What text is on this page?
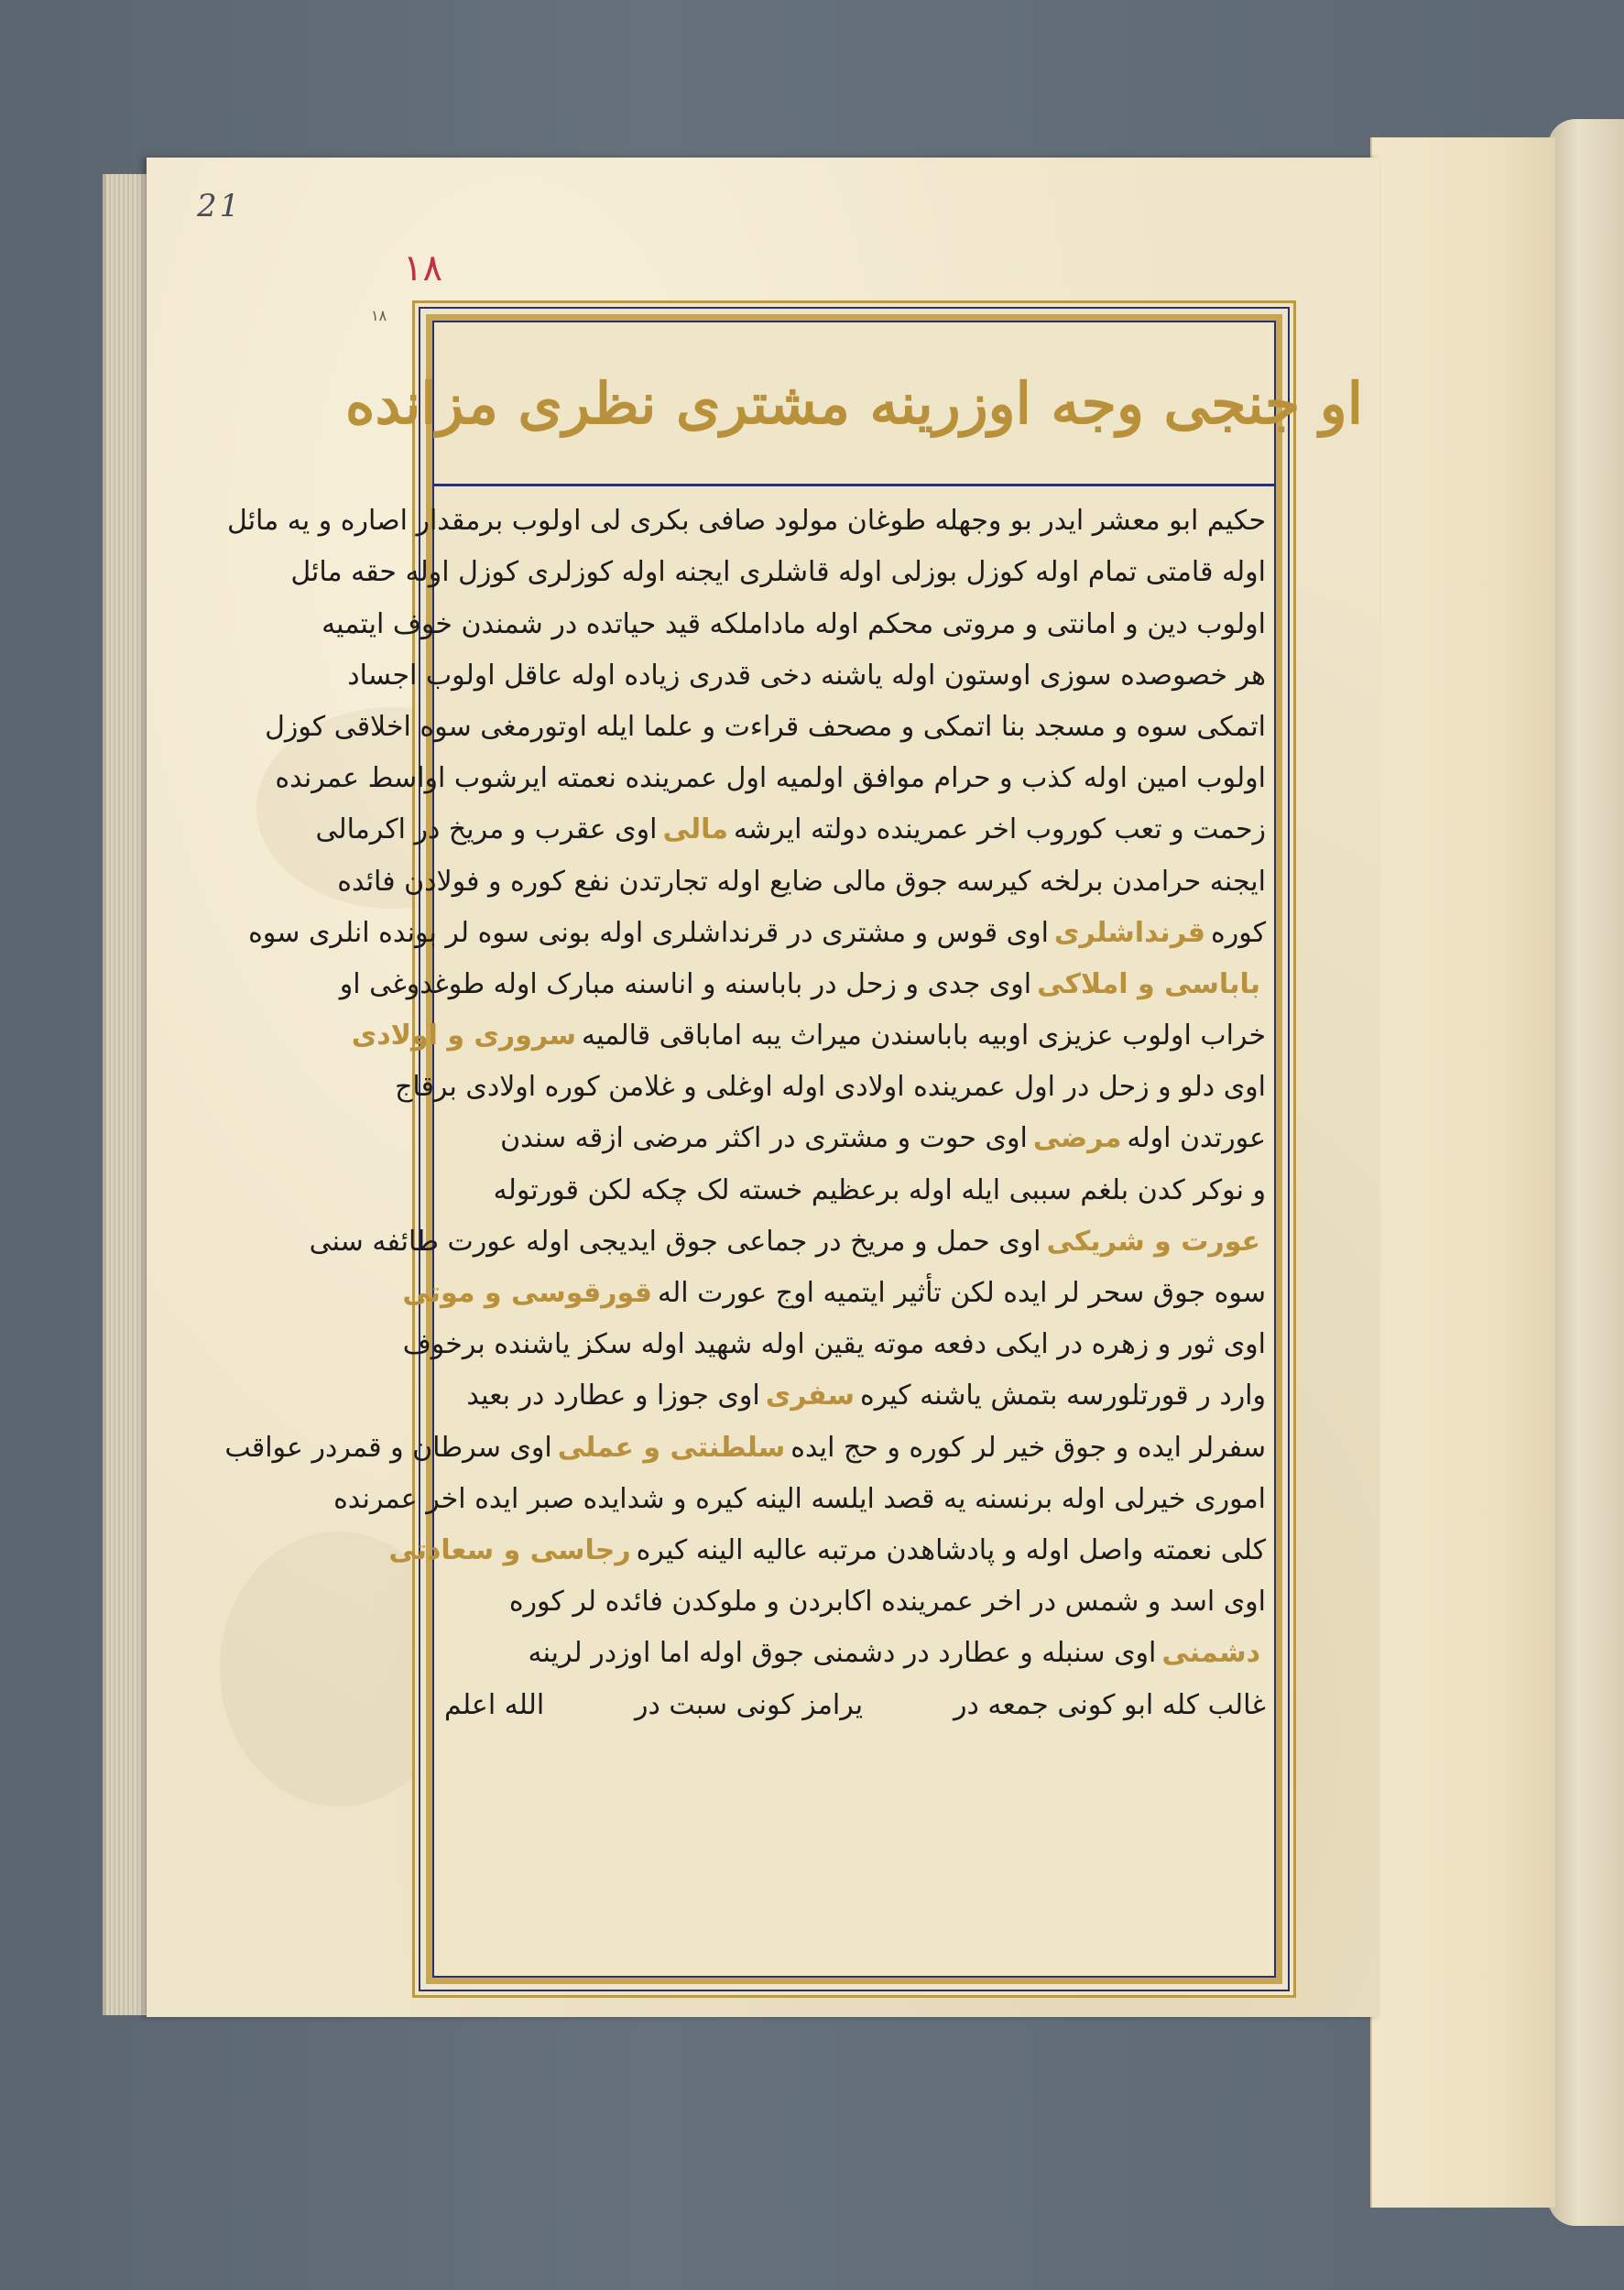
21
١٨
١٨
او جنجی وجه اوزرینه مشتری نظری مزانده
حکیم ابو معشر ایدر بو وجهله طوغان مولود صافی بکری لی اولوب برمقدار اصاره و یه مائل
اوله قامتی تمام اوله کوزل بوزلی اوله قاشلری ایجنه اوله کوزلری کوزل اوله حقه مائل
اولوب دین و امانتی و مروتی محکم اوله ماداملکه قید حیاتده در شمندن خوف ایتمیه
هر خصوصده سوزی اوستون اوله یاشنه دخی قدری زیاده اوله عاقل اولوب اجساد
اتمکی سوه و مسجد بنا اتمکی و مصحف قراءت و علما ایله اوتورمغی سوه اخلاقی کوزل
اولوب امین اوله کذب و حرام موافق اولمیه اول عمرینده نعمته ایرشوب اواسط عمرنده
زحمت و تعب کوروب اخر عمرینده دولته ایرشه
مالی
اوی عقرب و مریخ در اکرمالی
ایجنه حرامدن برلخه کیرسه جوق مالی ضایع اوله تجارتدن نفع کوره و فولادن فائده
کوره
قرنداشلری
اوی قوس و مشتری در قرنداشلری اوله بونی سوه لر بونده انلری سوه
باباسی و املاکی
اوی جدی و زحل در باباسنه و اناسنه مبارک اوله طوغدوغی او
خراب اولوب عزیزی اوبیه باباسندن میراث یبه اماباقی قالمیه
سروری و اولادی
اوی دلو و زحل در اول عمرینده اولادی اوله اوغلی و غلامن کوره اولادی برقاج
عورتدن اوله
مرضی
اوی حوت و مشتری در اکثر مرضی ازقه سندن
و نوکر کدن بلغم سببی ایله اوله برعظیم خسته لک چکه لکن قورتوله
عورت و شریکی
اوی حمل و مریخ در جماعی جوق ایدیجی اوله عورت طائفه سنی
سوه جوق سحر لر ایده لکن تأثیر ایتمیه اوج عورت اله
قورقوسی و موتی
اوی ثور و زهره در ایکی دفعه موته یقین اوله شهید اوله سکز یاشنده برخوف
وارد ر قورتلورسه بتمش یاشنه کیره
سفری
اوی جوزا و عطارد در بعید
سفرلر ایده و جوق خیر لر کوره و حج ایده
سلطنتی و عملی
اوی سرطان و قمردر عواقب
اموری خیرلی اوله برنسنه یه قصد ایلسه الینه کیره و شدایده صبر ایده اخر عمرنده
کلی نعمته واصل اوله و پادشاهدن مرتبه عالیه الینه کیره
رجاسی و سعادتی
اوی اسد و شمس در اخر عمرینده اکابردن و ملوکدن فائده لر کوره
دشمنی
اوی سنبله و عطارد در دشمنی جوق اوله اما اوزدر لرینه
غالب کله ابو کونی جمعه در
یرامز کونی سبت در
الله اعلم
